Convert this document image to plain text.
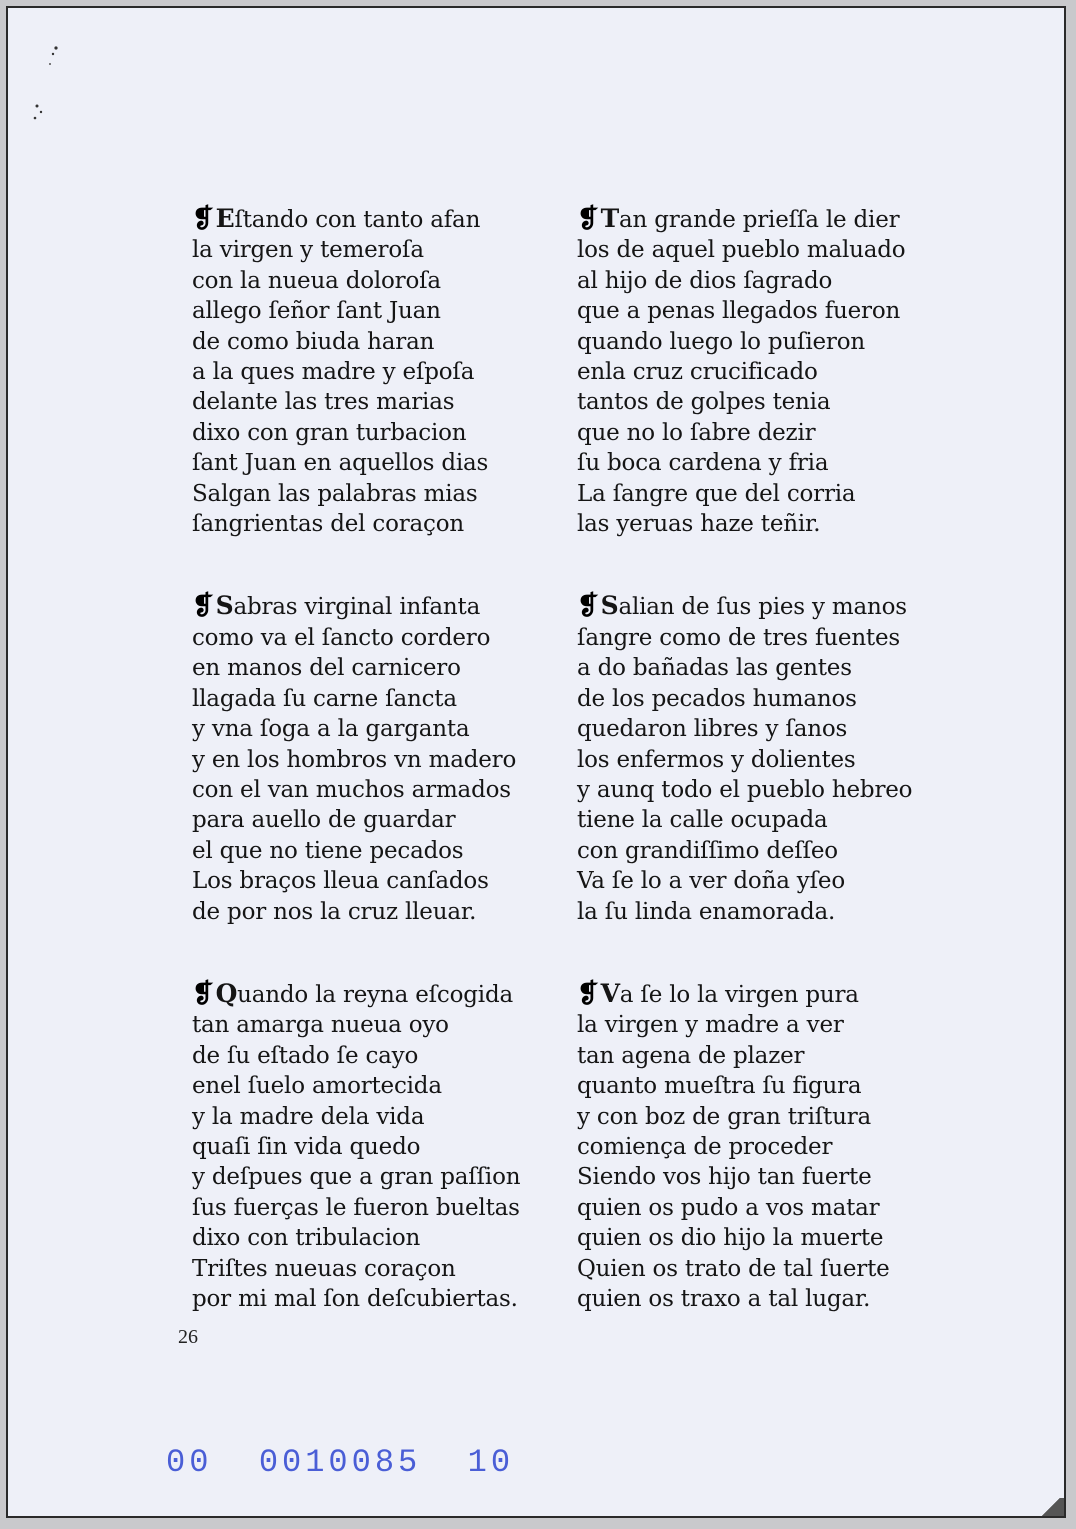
❡Eſtando con tanto afan
la virgen y temeroſa
con la nueua doloroſa
allego ſeñor ſant Juan
de como biuda haran
a la ques madre y eſpoſa
delante las tres marias
dixo con gran turbacion
ſant Juan en aquellos dias
Salgan las palabras mias
ſangrientas del coraçon
❡Sabras virginal infanta
como va el ſancto cordero
en manos del carnicero
llagada ſu carne ſancta
y vna ſoga a la garganta
y en los hombros vn madero
con el van muchos armados
para auello de guardar
el que no tiene pecados
Los braços lleua canſados
de por nos la cruz lleuar.
❡Quando la reyna eſcogida
tan amarga nueua oyo
de ſu eſtado ſe cayo
enel ſuelo amortecida
y la madre dela vida
quaſi ſin vida quedo
y deſpues que a gran paſſion
ſus fuerças le fueron bueltas
dixo con tribulacion
Triſtes nueuas coraçon
por mi mal ſon deſcubiertas.
❡Tan grande prieſſa le dier
los de aquel pueblo maluado
al hijo de dios ſagrado
que a penas llegados fueron
quando luego lo puſieron
enla cruz crucificado
tantos de golpes tenia
que no lo ſabre dezir
ſu boca cardena y fria
La ſangre que del corria
las yeruas haze teñir.
❡Salian de ſus pies y manos
ſangre como de tres fuentes
a do bañadas las gentes
de los pecados humanos
quedaron libres y ſanos
los enfermos y dolientes
y aunq todo el pueblo hebreo
tiene la calle ocupada
con grandiſſimo deſſeo
Va ſe lo a ver doña yſeo
la ſu linda enamorada.
❡Va ſe lo la virgen pura
la virgen y madre a ver
tan agena de plazer
quanto mueſtra ſu figura
y con boz de gran triſtura
comiença de proceder
Siendo vos hijo tan fuerte
quien os pudo a vos matar
quien os dio hijo la muerte
Quien os trato de tal ſuerte
quien os traxo a tal lugar.
26
00  0010085  10
